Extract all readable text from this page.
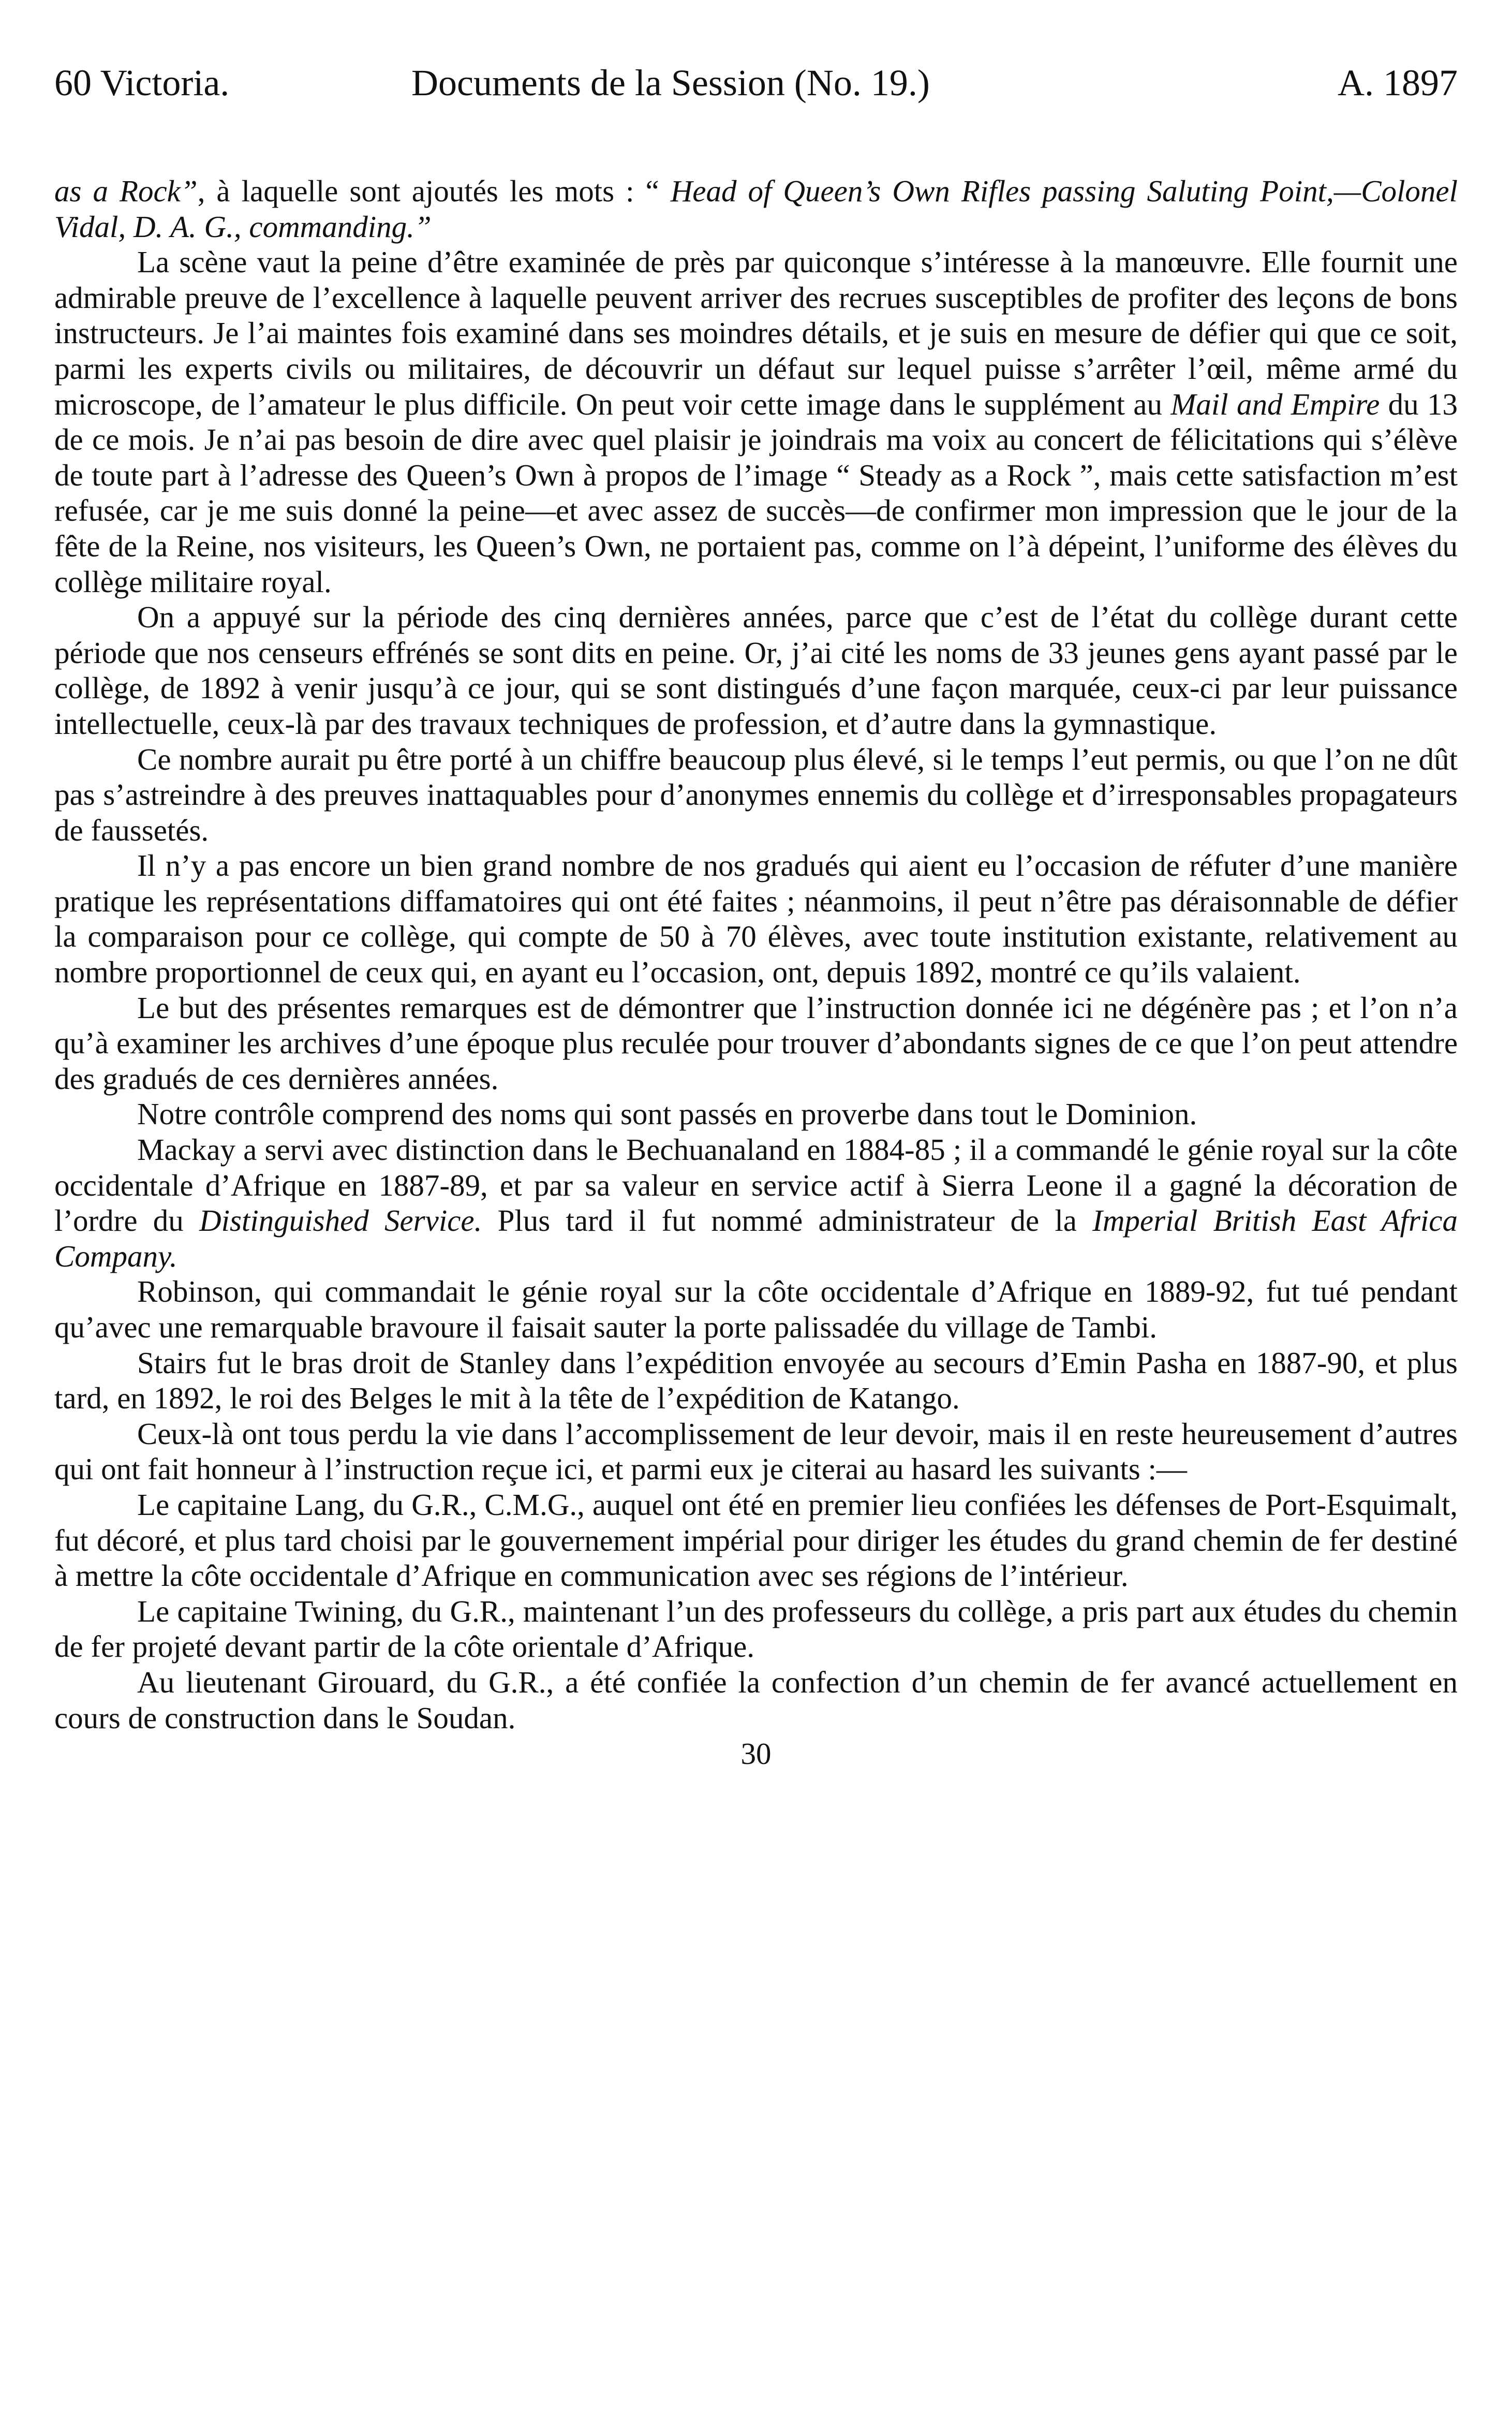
60 Victoria.	Documents de la Session (No. 19.)	A. 1897

as a Rock”, à laquelle sont ajoutés les mots : “ Head of Queen’s Own Rifles passing Saluting Point,—Colonel Vidal, D. A. G., commanding.”

La scène vaut la peine d’être examinée de près par quiconque s’intéresse à la manœuvre. Elle fournit une admirable preuve de l’excellence à laquelle peuvent arriver des recrues susceptibles de profiter des leçons de bons instructeurs. Je l’ai maintes fois examiné dans ses moindres détails, et je suis en mesure de défier qui que ce soit, parmi les experts civils ou militaires, de découvrir un défaut sur lequel puisse s’arrêter l’œil, même armé du microscope, de l’amateur le plus difficile. On peut voir cette image dans le supplément au Mail and Empire du 13 de ce mois. Je n’ai pas besoin de dire avec quel plaisir je joindrais ma voix au concert de félicitations qui s’élève de toute part à l’adresse des Queen’s Own à propos de l’image “ Steady as a Rock ”, mais cette satisfaction m’est refusée, car je me suis donné la peine—et avec assez de succès—de confirmer mon impression que le jour de la fête de la Reine, nos visiteurs, les Queen’s Own, ne portaient pas, comme on l’à dépeint, l’uniforme des élèves du collège militaire royal.

On a appuyé sur la période des cinq dernières années, parce que c’est de l’état du collège durant cette période que nos censeurs effrénés se sont dits en peine. Or, j’ai cité les noms de 33 jeunes gens ayant passé par le collège, de 1892 à venir jusqu’à ce jour, qui se sont distingués d’une façon marquée, ceux-ci par leur puissance intellectuelle, ceux-là par des travaux techniques de profession, et d’autre dans la gymnastique.

Ce nombre aurait pu être porté à un chiffre beaucoup plus élevé, si le temps l’eut permis, ou que l’on ne dût pas s’astreindre à des preuves inattaquables pour d’anonymes ennemis du collège et d’irresponsables propagateurs de faussetés.

Il n’y a pas encore un bien grand nombre de nos gradués qui aient eu l’occasion de réfuter d’une manière pratique les représentations diffamatoires qui ont été faites ; néanmoins, il peut n’être pas déraisonnable de défier la comparaison pour ce collège, qui compte de 50 à 70 élèves, avec toute institution existante, relativement au nombre proportionnel de ceux qui, en ayant eu l’occasion, ont, depuis 1892, montré ce qu’ils valaient.

Le but des présentes remarques est de démontrer que l’instruction donnée ici ne dégénère pas ; et l’on n’a qu’à examiner les archives d’une époque plus reculée pour trouver d’abondants signes de ce que l’on peut attendre des gradués de ces dernières années.

Notre contrôle comprend des noms qui sont passés en proverbe dans tout le Dominion.

Mackay a servi avec distinction dans le Bechuanaland en 1884-85 ; il a commandé le génie royal sur la côte occidentale d’Afrique en 1887-89, et par sa valeur en service actif à Sierra Leone il a gagné la décoration de l’ordre du Distinguished Service. Plus tard il fut nommé administrateur de la Imperial British East Africa Company.

Robinson, qui commandait le génie royal sur la côte occidentale d’Afrique en 1889-92, fut tué pendant qu’avec une remarquable bravoure il faisait sauter la porte palissadée du village de Tambi.

Stairs fut le bras droit de Stanley dans l’expédition envoyée au secours d’Emin Pasha en 1887-90, et plus tard, en 1892, le roi des Belges le mit à la tête de l’expédition de Katango.

Ceux-là ont tous perdu la vie dans l’accomplissement de leur devoir, mais il en reste heureusement d’autres qui ont fait honneur à l’instruction reçue ici, et parmi eux je citerai au hasard les suivants :—

Le capitaine Lang, du G.R., C.M.G., auquel ont été en premier lieu confiées les défenses de Port-Esquimalt, fut décoré, et plus tard choisi par le gouvernement impérial pour diriger les études du grand chemin de fer destiné à mettre la côte occidentale d’Afrique en communication avec ses régions de l’intérieur.

Le capitaine Twining, du G.R., maintenant l’un des professeurs du collège, a pris part aux études du chemin de fer projeté devant partir de la côte orientale d’Afrique.

Au lieutenant Girouard, du G.R., a été confiée la confection d’un chemin de fer avancé actuellement en cours de construction dans le Soudan.

30
